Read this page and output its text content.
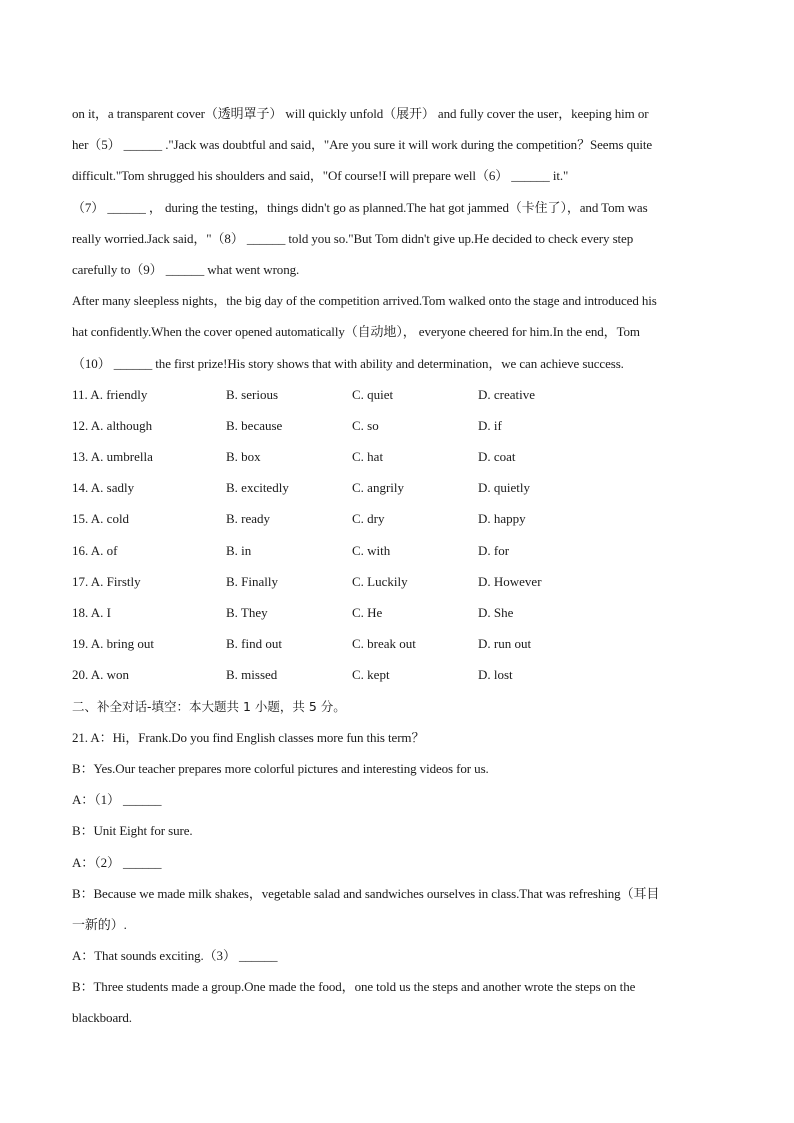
on it，a transparent cover（透明罩子） will quickly unfold（展开） and fully cover the user，keeping him or
her（5） ______ ."Jack was doubtful and said，"Are you sure it will work during the competition？Seems quite
difficult."Tom shrugged his shoulders and said，"Of course!I will prepare well（6） ______ it."
（7） ______ ， during the testing，things didn't go as planned.The hat got jammed（卡住了），and Tom was
really worried.Jack said，"（8） ______ told you so."But Tom didn't give up.He decided to check every step
carefully to（9） ______ what went wrong.
After many sleepless nights，the big day of the competition arrived.Tom walked onto the stage and introduced his
hat confidently.When the cover opened automatically（自动地）， everyone cheered for him.In the end，Tom
（10） ______ the first prize!His story shows that with ability and determination，we can achieve success.
11. A. friendly	B. serious	C. quiet	D. creative
12. A. although	B. because	C. so	D. if
13. A. umbrella	B. box	C. hat	D. coat
14. A. sadly	B. excitedly	C. angrily	D. quietly
15. A. cold	B. ready	C. dry	D. happy
16. A. of	B. in	C. with	D. for
17. A. Firstly	B. Finally	C. Luckily	D. However
18. A. I	B. They	C. He	D. She
19. A. bring out	B. find out	C. break out	D. run out
20. A. won	B. missed	C. kept	D. lost
二、补全对话-填空：本大题共 1 小题，共 5 分。
21. A：Hi，Frank.Do you find English classes more fun this term？
B：Yes.Our teacher prepares more colorful pictures and interesting videos for us.
A：（1） ______
B：Unit Eight for sure.
A：（2） ______
B：Because we made milk shakes，vegetable salad and sandwiches ourselves in class.That was refreshing（耳目
一新的）.
A：That sounds exciting.（3） ______
B：Three students made a group.One made the food，one told us the steps and another wrote the steps on the
blackboard.
